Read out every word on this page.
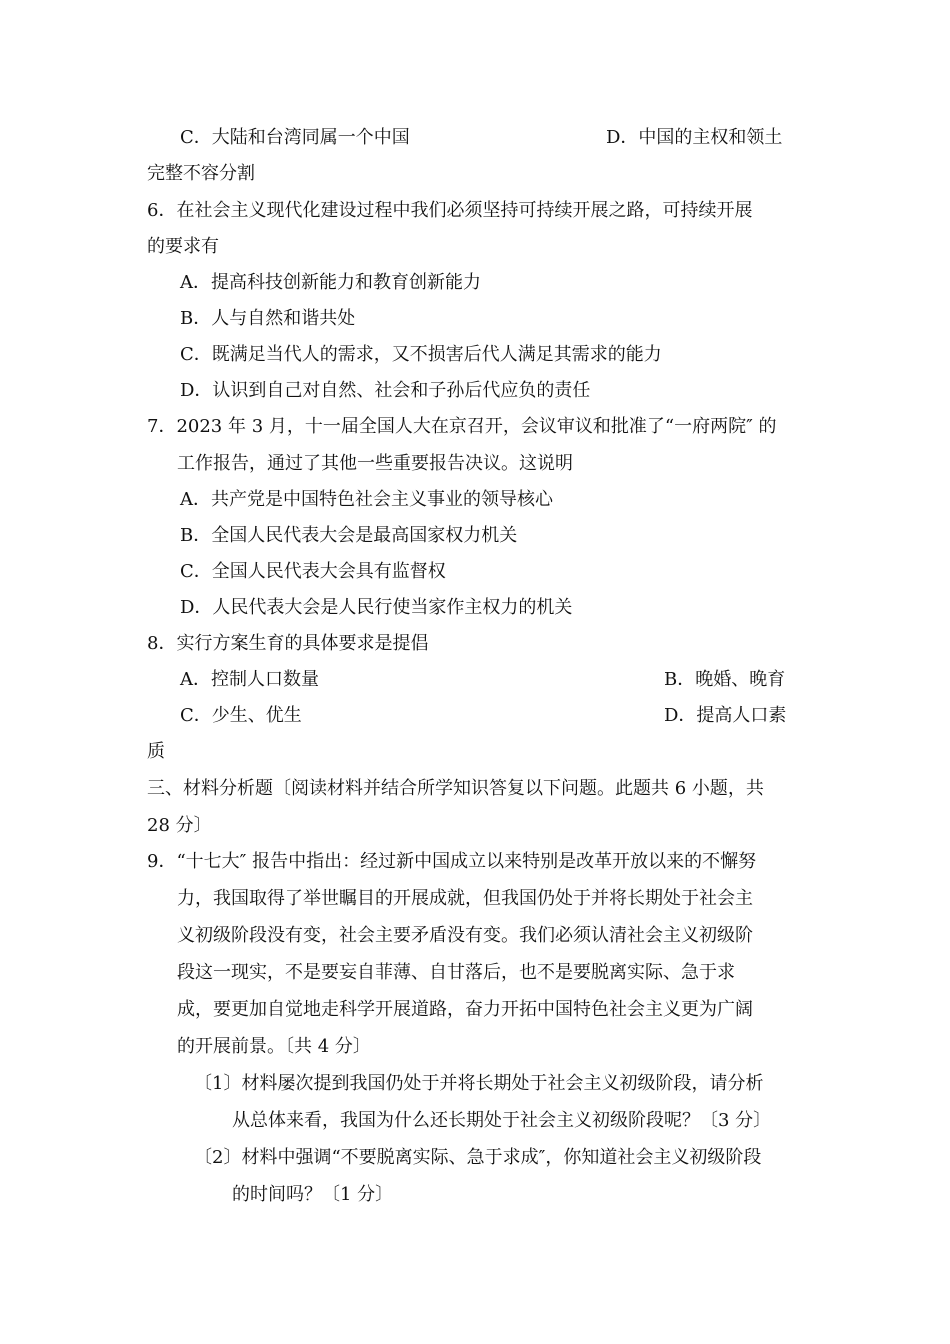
C．大陆和台湾同属一个中国	D．中国的主权和领土
完整不容分割
6．在社会主义现代化建设过程中我们必须坚持可持续开展之路，可持续开展
的要求有
A．提高科技创新能力和教育创新能力
B．人与自然和谐共处
C．既满足当代人的需求，又不损害后代人满足其需求的能力
D．认识到自己对自然、社会和子孙后代应负的责任
7．2023 年 3 月，十一届全国人大在京召开，会议审议和批准了“一府两院″ 的
工作报告，通过了其他一些重要报告决议。这说明
A．共产党是中国特色社会主义事业的领导核心
B．全国人民代表大会是最高国家权力机关
C．全国人民代表大会具有监督权
D．人民代表大会是人民行使当家作主权力的机关
8．实行方案生育的具体要求是提倡
A．控制人口数量	B．晚婚、晚育
C．少生、优生	D．提高人口素
质
三、材料分析题〔阅读材料并结合所学知识答复以下问题。此题共 6 小题，共
28 分〕
9．“十七大″ 报告中指出：经过新中国成立以来特别是改革开放以来的不懈努
力，我国取得了举世瞩目的开展成就，但我国仍处于并将长期处于社会主
义初级阶段没有变，社会主要矛盾没有变。我们必须认清社会主义初级阶
段这一现实，不是要妄自菲薄、自甘落后，也不是要脱离实际、急于求
成，要更加自觉地走科学开展道路，奋力开拓中国特色社会主义更为广阔
的开展前景。〔共 4 分〕
〔1〕材料屡次提到我国仍处于并将长期处于社会主义初级阶段，请分析
从总体来看，我国为什么还长期处于社会主义初级阶段呢？〔3 分〕
〔2〕材料中强调“不要脱离实际、急于求成″，你知道社会主义初级阶段
的时间吗？〔1 分〕
